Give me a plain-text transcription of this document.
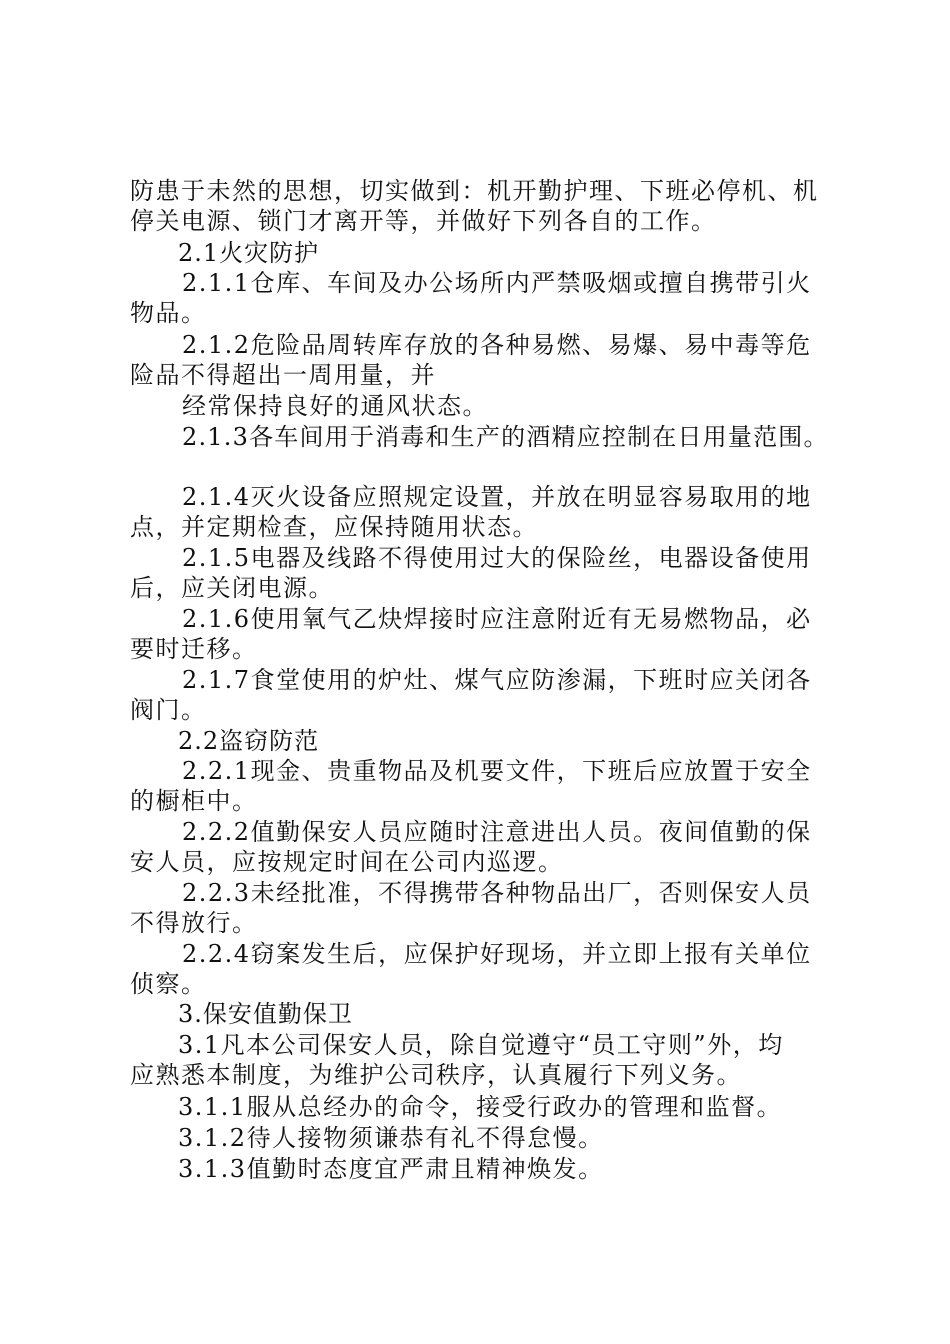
防患于未然的思想，切实做到：机开勤护理、下班必停机、机
停关电源、锁门才离开等，并做好下列各自的工作。
2.1火灾防护
2.1.1仓库、车间及办公场所内严禁吸烟或擅自携带引火
物品。
2.1.2危险品周转库存放的各种易燃、易爆、易中毒等危
险品不得超出一周用量，并
经常保持良好的通风状态。
2.1.3各车间用于消毒和生产的酒精应控制在日用量范围。
2.1.4灭火设备应照规定设置，并放在明显容易取用的地
点，并定期检查，应保持随用状态。
2.1.5电器及线路不得使用过大的保险丝，电器设备使用
后，应关闭电源。
2.1.6使用氧气乙炔焊接时应注意附近有无易燃物品，必
要时迁移。
2.1.7食堂使用的炉灶、煤气应防渗漏，下班时应关闭各
阀门。
2.2盗窃防范
2.2.1现金、贵重物品及机要文件，下班后应放置于安全
的橱柜中。
2.2.2值勤保安人员应随时注意进出人员。夜间值勤的保
安人员，应按规定时间在公司内巡逻。
2.2.3未经批准，不得携带各种物品出厂，否则保安人员
不得放行。
2.2.4窃案发生后，应保护好现场，并立即上报有关单位
侦察。
3.保安值勤保卫
3.1凡本公司保安人员，除自觉遵守“员工守则”外，均
应熟悉本制度，为维护公司秩序，认真履行下列义务。
3.1.1服从总经办的命令，接受行政办的管理和监督。
3.1.2待人接物须谦恭有礼不得怠慢。
3.1.3值勤时态度宜严肃且精神焕发。
